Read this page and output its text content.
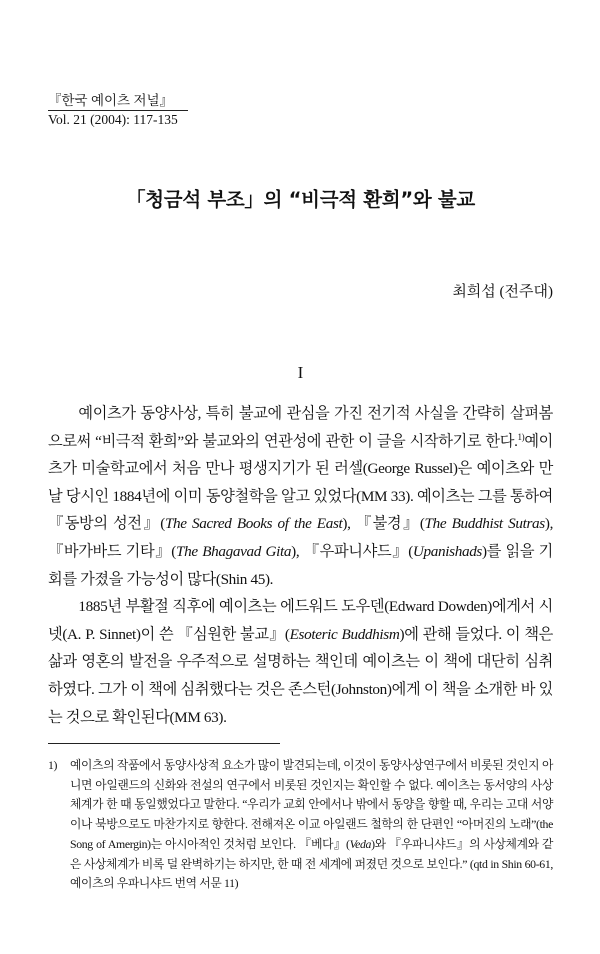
『한국 예이츠 저널』
Vol. 21 (2004): 117-135
「청금석 부조」의 “비극적 환희”와 불교
최희섭 (전주대)
I

예이츠가 동양사상, 특히 불교에 관심을 가진 전기적 사실을 간략히 살펴봄으로써 “비극적 환희”와 불교와의 연관성에 관한 이 글을 시작하기로 한다.$^{1)}$예이츠가 미술학교에서 처음 만나 평생지기가 된 러셀(George Russel)은 예이츠와 만날 당시인 1884년에 이미 동양철학을 알고 있었다(MM 33). 예이츠는 그를 통하여 『동방의 성전』(The Sacred Books of the East), 『불경』(The Buddhist Sutras), 『바가바드 기타』(The Bhagavad Gita), 『우파니샤드』(Upanishads)를 읽을 기회를 가졌을 가능성이 많다(Shin 45).

1885년 부활절 직후에 예이츠는 에드워드 도우덴(Edward Dowden)에게서 시넷(A. P. Sinnet)이 쓴 『심원한 불교』(Esoteric Buddhism)에 관해 들었다. 이 책은 삶과 영혼의 발전을 우주적으로 설명하는 책인데 예이츠는 이 책에 대단히 심취하였다. 그가 이 책에 심취했다는 것은 존스턴(Johnston)에게 이 책을 소개한 바 있는 것으로 확인된다(MM 63).

1) 예이츠의 작품에서 동양사상적 요소가 많이 발견되는데, 이것이 동양사상연구에서 비롯된 것인지 아니면 아일랜드의 신화와 전설의 연구에서 비롯된 것인지는 확인할 수 없다. 예이츠는 동서양의 사상체계가 한 때 동일했었다고 말한다. “우리가 교회 안에서나 밖에서 동양을 향할 때, 우리는 고대 서양이나 북방으로도 마찬가지로 향한다. 전해져온 이교 아일랜드 철학의 한 단편인 “아머진의 노래”(the Song of Amergin)는 아시아적인 것처럼 보인다. 『베다』(Veda)와 『우파니샤드』의 사상체계와 같은 사상체계가 비록 덜 완벽하기는 하지만, 한 때 전 세계에 퍼졌던 것으로 보인다.” (qtd in Shin 60-61, 예이츠의 우파니샤드 번역 서문 11)
